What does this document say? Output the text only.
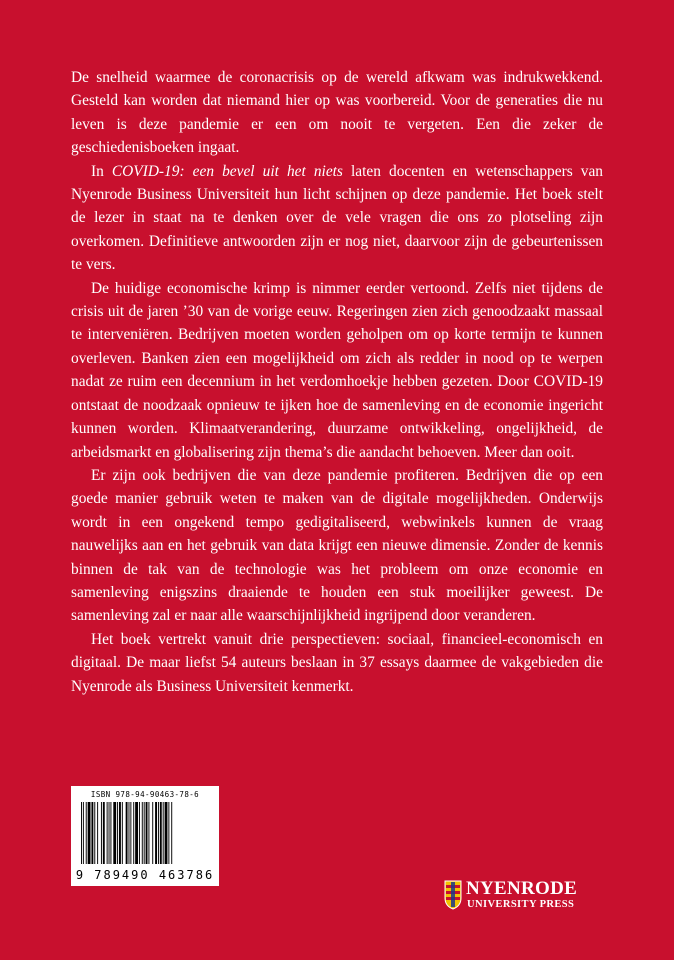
De snelheid waarmee de coronacrisis op de wereld afkwam was indrukwekkend. Gesteld kan worden dat niemand hier op was voorbereid. Voor de generaties die nu leven is deze pandemie er een om nooit te vergeten. Een die zeker de geschiedenisboeken ingaat.

In COVID-19: een bevel uit het niets laten docenten en wetenschappers van Nyenrode Business Universiteit hun licht schijnen op deze pandemie. Het boek stelt de lezer in staat na te denken over de vele vragen die ons zo plotseling zijn overkomen. Definitieve antwoorden zijn er nog niet, daarvoor zijn de gebeurtenissen te vers.

De huidige economische krimp is nimmer eerder vertoond. Zelfs niet tijdens de crisis uit de jaren ’30 van de vorige eeuw. Regeringen zien zich genoodzaakt massaal te interveniëren. Bedrijven moeten worden geholpen om op korte termijn te kunnen overleven. Banken zien een mogelijkheid om zich als redder in nood op te werpen nadat ze ruim een decennium in het verdomhoekje hebben gezeten. Door COVID-19 ontstaat de noodzaak opnieuw te ijken hoe de samenleving en de economie ingericht kunnen worden. Klimaatverandering, duurzame ontwikkeling, ongelijkheid, de arbeidsmarkt en globalisering zijn thema’s die aandacht behoeven. Meer dan ooit.

Er zijn ook bedrijven die van deze pandemie profiteren. Bedrijven die op een goede manier gebruik weten te maken van de digitale mogelijkheden. Onderwijs wordt in een ongekend tempo gedigitaliseerd, webwinkels kunnen de vraag nauwelijks aan en het gebruik van data krijgt een nieuwe dimensie. Zonder de kennis binnen de tak van de technologie was het probleem om onze economie en samenleving enigszins draaiende te houden een stuk moeilijker geweest. De samenleving zal er naar alle waarschijnlijkheid ingrijpend door veranderen.

Het boek vertrekt vanuit drie perspectieven: sociaal, financieel-economisch en digitaal. De maar liefst 54 auteurs beslaan in 37 essays daarmee de vakgebieden die Nyenrode als Business Universiteit kenmerkt.

ISBN 978-94-90463-78-6
9 789490 463786
NYENRODE
UNIVERSITY PRESS
